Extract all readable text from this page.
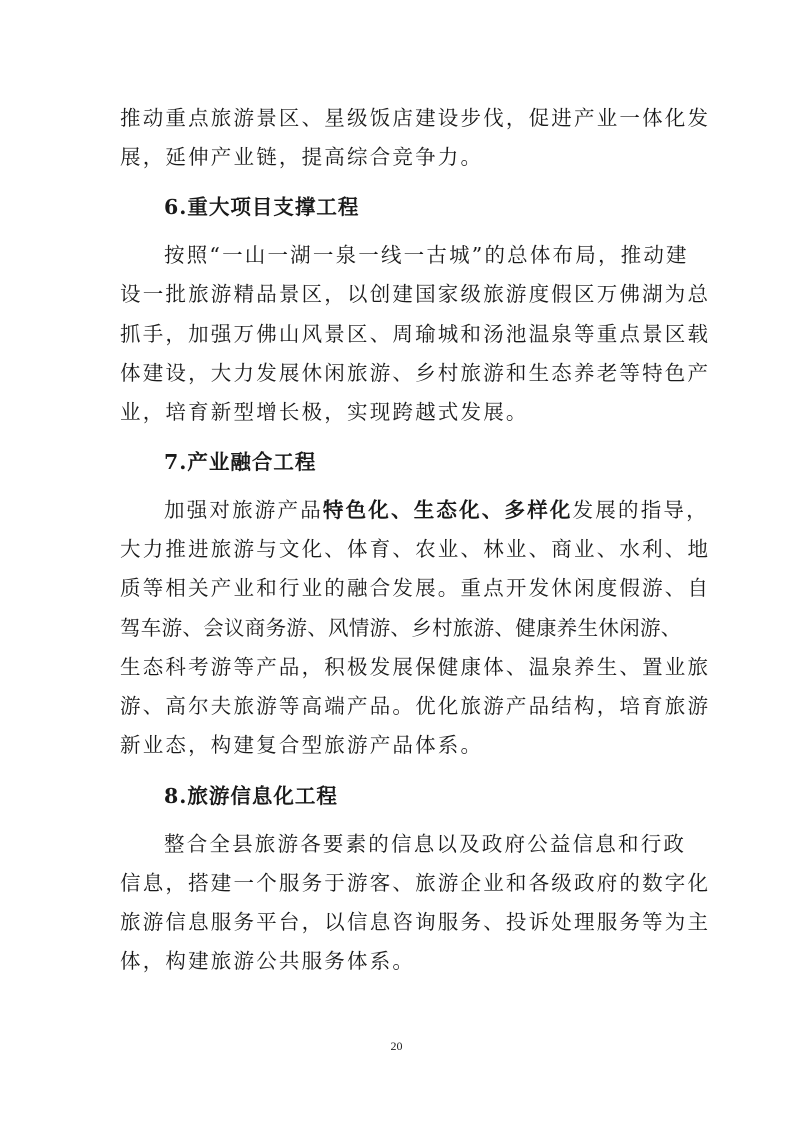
推动重点旅游景区、星级饭店建设步伐，促进产业一体化发
展，延伸产业链，提高综合竞争力。
6.重大项目支撑工程
按照“一山一湖一泉一线一古城”的总体布局，推动建
设一批旅游精品景区，以创建国家级旅游度假区万佛湖为总
抓手，加强万佛山风景区、周瑜城和汤池温泉等重点景区载
体建设，大力发展休闲旅游、乡村旅游和生态养老等特色产
业，培育新型增长极，实现跨越式发展。
7.产业融合工程
加强对旅游产品特色化、生态化、多样化发展的指导，
大力推进旅游与文化、体育、农业、林业、商业、水利、地
质等相关产业和行业的融合发展。重点开发休闲度假游、自
驾车游、会议商务游、风情游、乡村旅游、健康养生休闲游、
生态科考游等产品，积极发展保健康体、温泉养生、置业旅
游、高尔夫旅游等高端产品。优化旅游产品结构，培育旅游
新业态，构建复合型旅游产品体系。
8.旅游信息化工程
整合全县旅游各要素的信息以及政府公益信息和行政
信息，搭建一个服务于游客、旅游企业和各级政府的数字化
旅游信息服务平台，以信息咨询服务、投诉处理服务等为主
体，构建旅游公共服务体系。
20
